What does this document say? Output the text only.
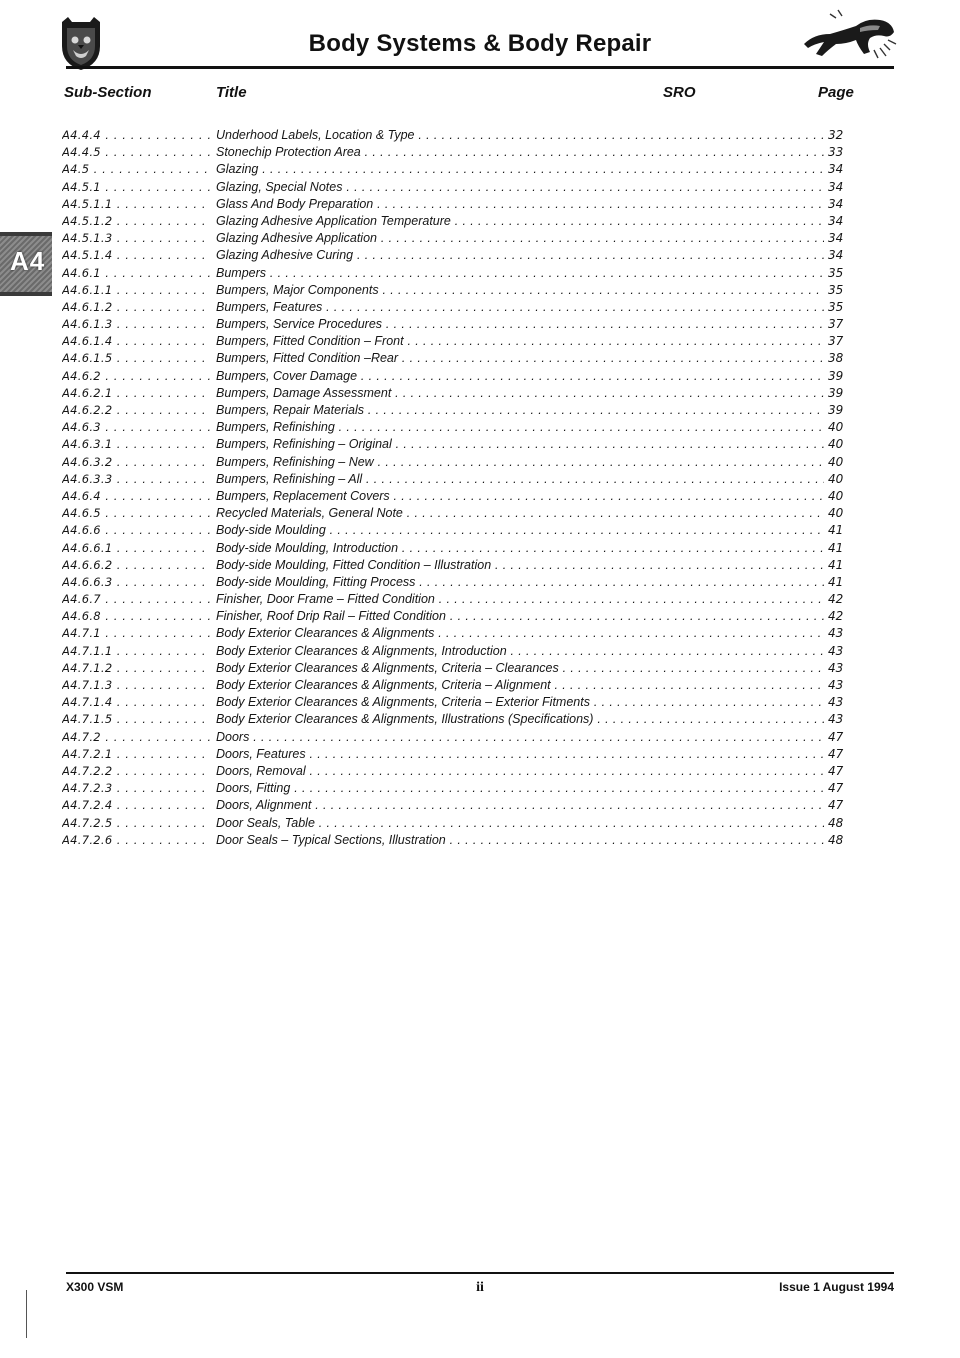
Body Systems & Body Repair
Sub-Section	Title	SRO	Page
A4
A4.4.4 . . .	Underhood Labels, Location & Type . . .	32
A4.4.5 . . .	Stonechip Protection Area . . .	33
A4.5 . . .	Glazing . . .	34
A4.5.1 . . .	Glazing, Special Notes . . .	34
A4.5.1.1 . . .	Glass And Body Preparation . . .	34
A4.5.1.2 . . .	Glazing Adhesive Application Temperature . . .	34
A4.5.1.3 . . .	Glazing Adhesive Application . . .	34
A4.5.1.4 . . .	Glazing Adhesive Curing . . .	34
A4.6.1 . . .	Bumpers . . .	35
A4.6.1.1 . . .	Bumpers, Major Components . . .	35
A4.6.1.2 . . .	Bumpers, Features . . .	35
A4.6.1.3 . . .	Bumpers, Service Procedures . . .	37
A4.6.1.4 . . .	Bumpers, Fitted Condition – Front . . .	37
A4.6.1.5 . . .	Bumpers, Fitted Condition –Rear . . .	38
A4.6.2 . . .	Bumpers, Cover Damage . . .	39
A4.6.2.1 . . .	Bumpers, Damage Assessment . . .	39
A4.6.2.2 . . .	Bumpers, Repair Materials . . .	39
A4.6.3 . . .	Bumpers, Refinishing . . .	40
A4.6.3.1 . . .	Bumpers, Refinishing – Original . . .	40
A4.6.3.2 . . .	Bumpers, Refinishing – New . . .	40
A4.6.3.3 . . .	Bumpers, Refinishing – All . . .	40
A4.6.4 . . .	Bumpers, Replacement Covers . . .	40
A4.6.5 . . .	Recycled Materials, General Note . . .	40
A4.6.6 . . .	Body-side Moulding . . .	41
A4.6.6.1 . . .	Body-side Moulding, Introduction . . .	41
A4.6.6.2 . . .	Body-side Moulding, Fitted Condition – Illustration . . .	41
A4.6.6.3 . . .	Body-side Moulding, Fitting Process . . .	41
A4.6.7 . . .	Finisher, Door Frame – Fitted Condition . . .	42
A4.6.8 . . .	Finisher, Roof Drip Rail – Fitted Condition . . .	42
A4.7.1 . . .	Body Exterior Clearances & Alignments . . .	43
A4.7.1.1 . . .	Body Exterior Clearances & Alignments, Introduction . . .	43
A4.7.1.2 . . .	Body Exterior Clearances & Alignments, Criteria – Clearances . . .	43
A4.7.1.3 . . .	Body Exterior Clearances & Alignments, Criteria – Alignment . . .	43
A4.7.1.4 . . .	Body Exterior Clearances & Alignments, Criteria – Exterior Fitments . . .	43
A4.7.1.5 . . .	Body Exterior Clearances & Alignments, Illustrations (Specifications) . . .	43
A4.7.2 . . .	Doors . . .	47
A4.7.2.1 . . .	Doors, Features . . .	47
A4.7.2.2 . . .	Doors, Removal . . .	47
A4.7.2.3 . . .	Doors, Fitting . . .	47
A4.7.2.4 . . .	Doors, Alignment . . .	47
A4.7.2.5 . . .	Door Seals, Table . . .	48
A4.7.2.6 . . .	Door Seals – Typical Sections, Illustration . . .	48
X300 VSM	ii	Issue 1 August 1994
